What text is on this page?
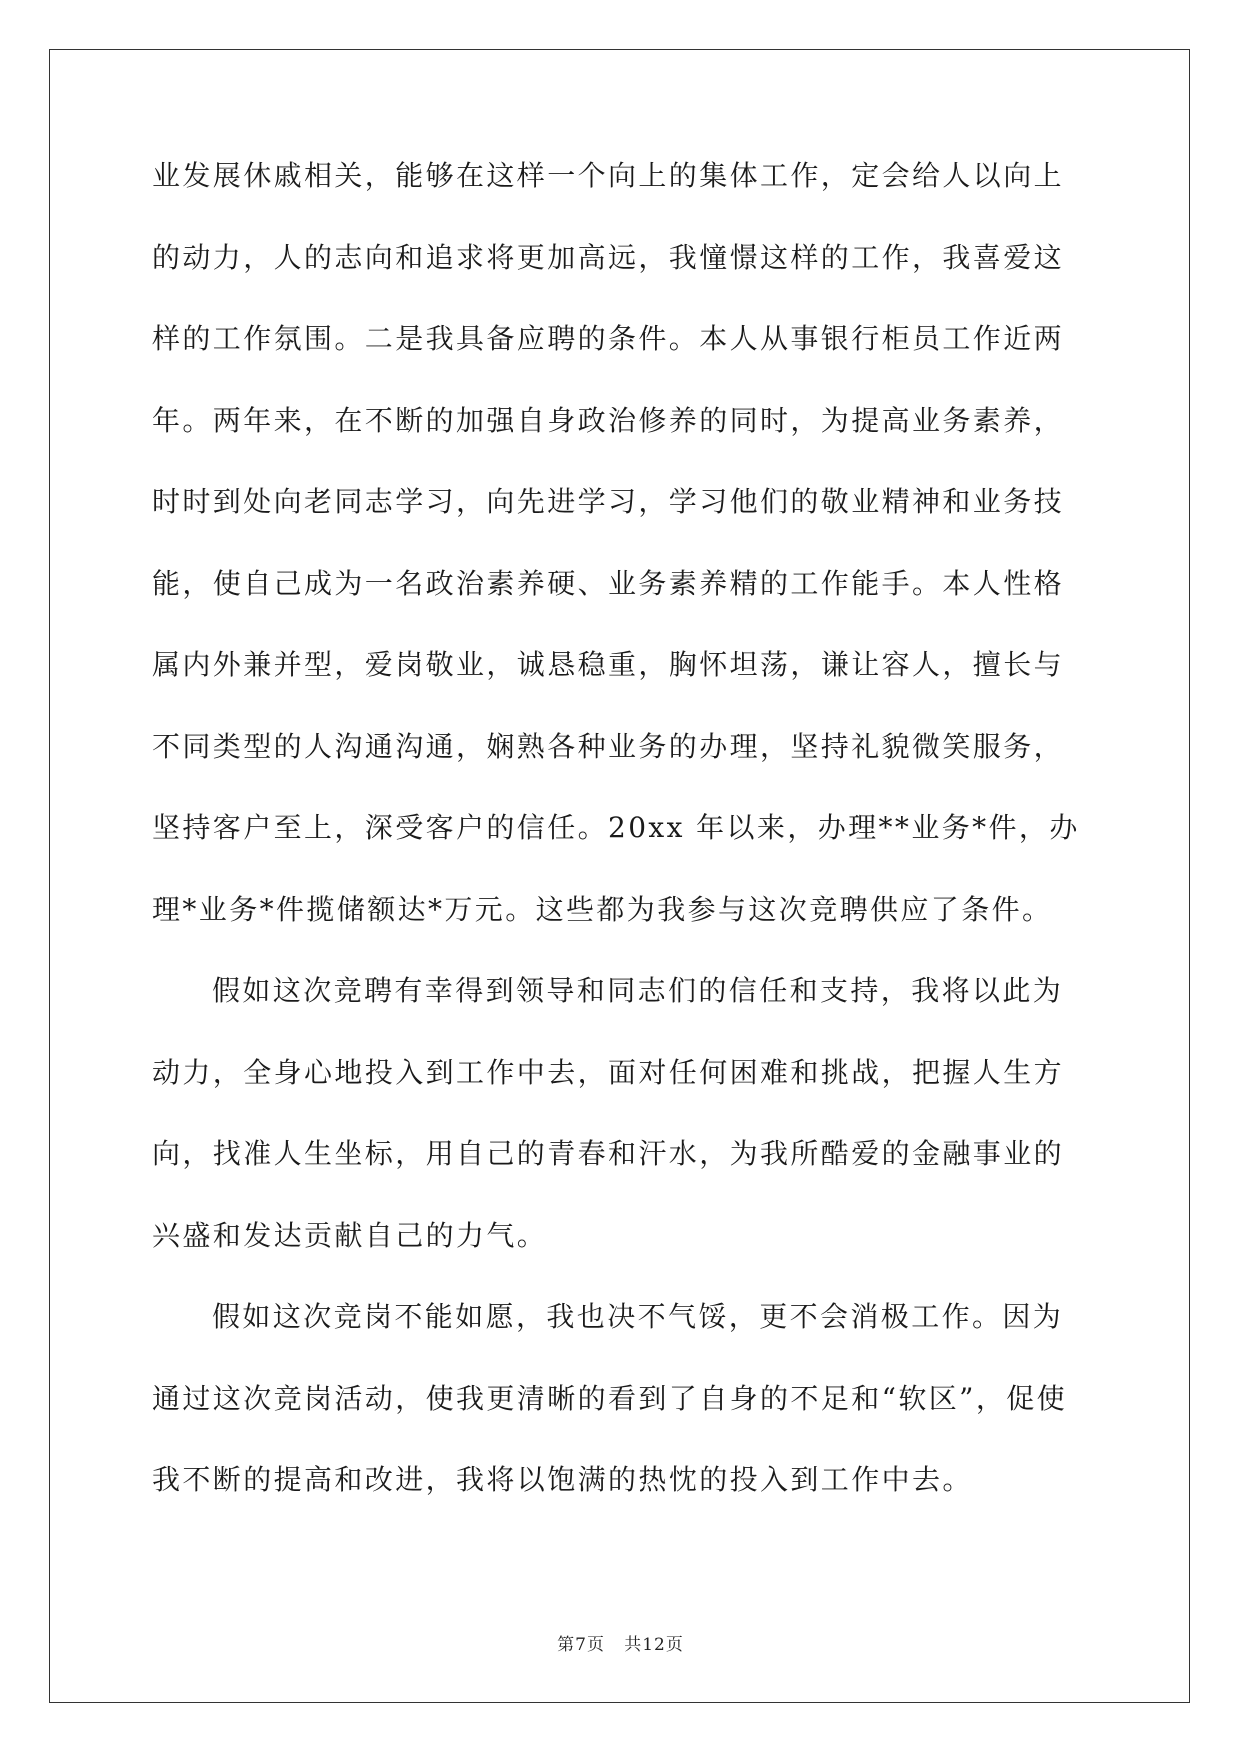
业发展休戚相关，能够在这样一个向上的集体工作，定会给人以向上
的动力，人的志向和追求将更加高远，我憧憬这样的工作，我喜爱这
样的工作氛围。二是我具备应聘的条件。本人从事银行柜员工作近两
年。两年来，在不断的加强自身政治修养的同时，为提高业务素养，
时时到处向老同志学习，向先进学习，学习他们的敬业精神和业务技
能，使自己成为一名政治素养硬、业务素养精的工作能手。本人性格
属内外兼并型，爱岗敬业，诚恳稳重，胸怀坦荡，谦让容人，擅长与
不同类型的人沟通沟通，娴熟各种业务的办理，坚持礼貌微笑服务，
坚持客户至上，深受客户的信任。20xx 年以来，办理**业务*件，办
理*业务*件揽储额达*万元。这些都为我参与这次竞聘供应了条件。
假如这次竞聘有幸得到领导和同志们的信任和支持，我将以此为
动力，全身心地投入到工作中去，面对任何困难和挑战，把握人生方
向，找准人生坐标，用自己的青春和汗水，为我所酷爱的金融事业的
兴盛和发达贡献自己的力气。
假如这次竞岗不能如愿，我也决不气馁，更不会消极工作。因为
通过这次竞岗活动，使我更清晰的看到了自身的不足和“软区”，促使
我不断的提高和改进，我将以饱满的热忱的投入到工作中去。
第7页 共12页
